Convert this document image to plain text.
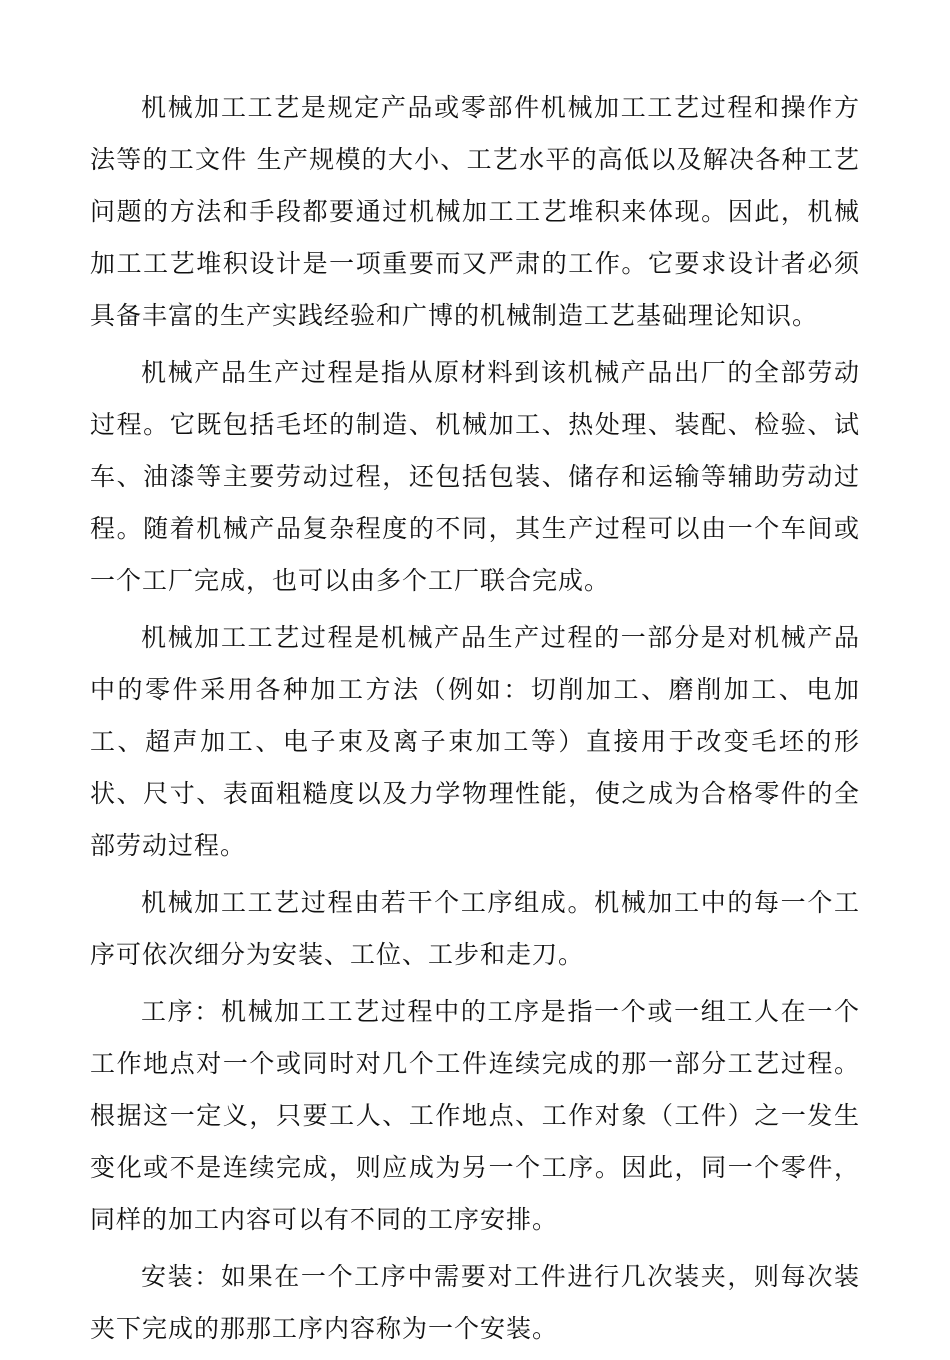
机械加工工艺是规定产品或零部件机械加工工艺过程和操作方法等的工文件 生产规模的大小、工艺水平的高低以及解决各种工艺问题的方法和手段都要通过机械加工工艺堆积来体现。因此，机械加工工艺堆积设计是一项重要而又严肃的工作。它要求设计者必须具备丰富的生产实践经验和广博的机械制造工艺基础理论知识。

机械产品生产过程是指从原材料到该机械产品出厂的全部劳动过程。它既包括毛坯的制造、机械加工、热处理、装配、检验、试车、油漆等主要劳动过程，还包括包装、储存和运输等辅助劳动过程。随着机械产品复杂程度的不同，其生产过程可以由一个车间或一个工厂完成，也可以由多个工厂联合完成。

机械加工工艺过程是机械产品生产过程的一部分是对机械产品中的零件采用各种加工方法（例如：切削加工、磨削加工、电加工、超声加工、电子束及离子束加工等）直接用于改变毛坯的形状、尺寸、表面粗糙度以及力学物理性能，使之成为合格零件的全部劳动过程。

机械加工工艺过程由若干个工序组成。机械加工中的每一个工序可依次细分为安装、工位、工步和走刀。

工序：机械加工工艺过程中的工序是指一个或一组工人在一个工作地点对一个或同时对几个工件连续完成的那一部分工艺过程。根据这一定义，只要工人、工作地点、工作对象（工件）之一发生变化或不是连续完成，则应成为另一个工序。因此，同一个零件，同样的加工内容可以有不同的工序安排。

安装：如果在一个工序中需要对工件进行几次装夹，则每次装夹下完成的那那工序内容称为一个安装。
